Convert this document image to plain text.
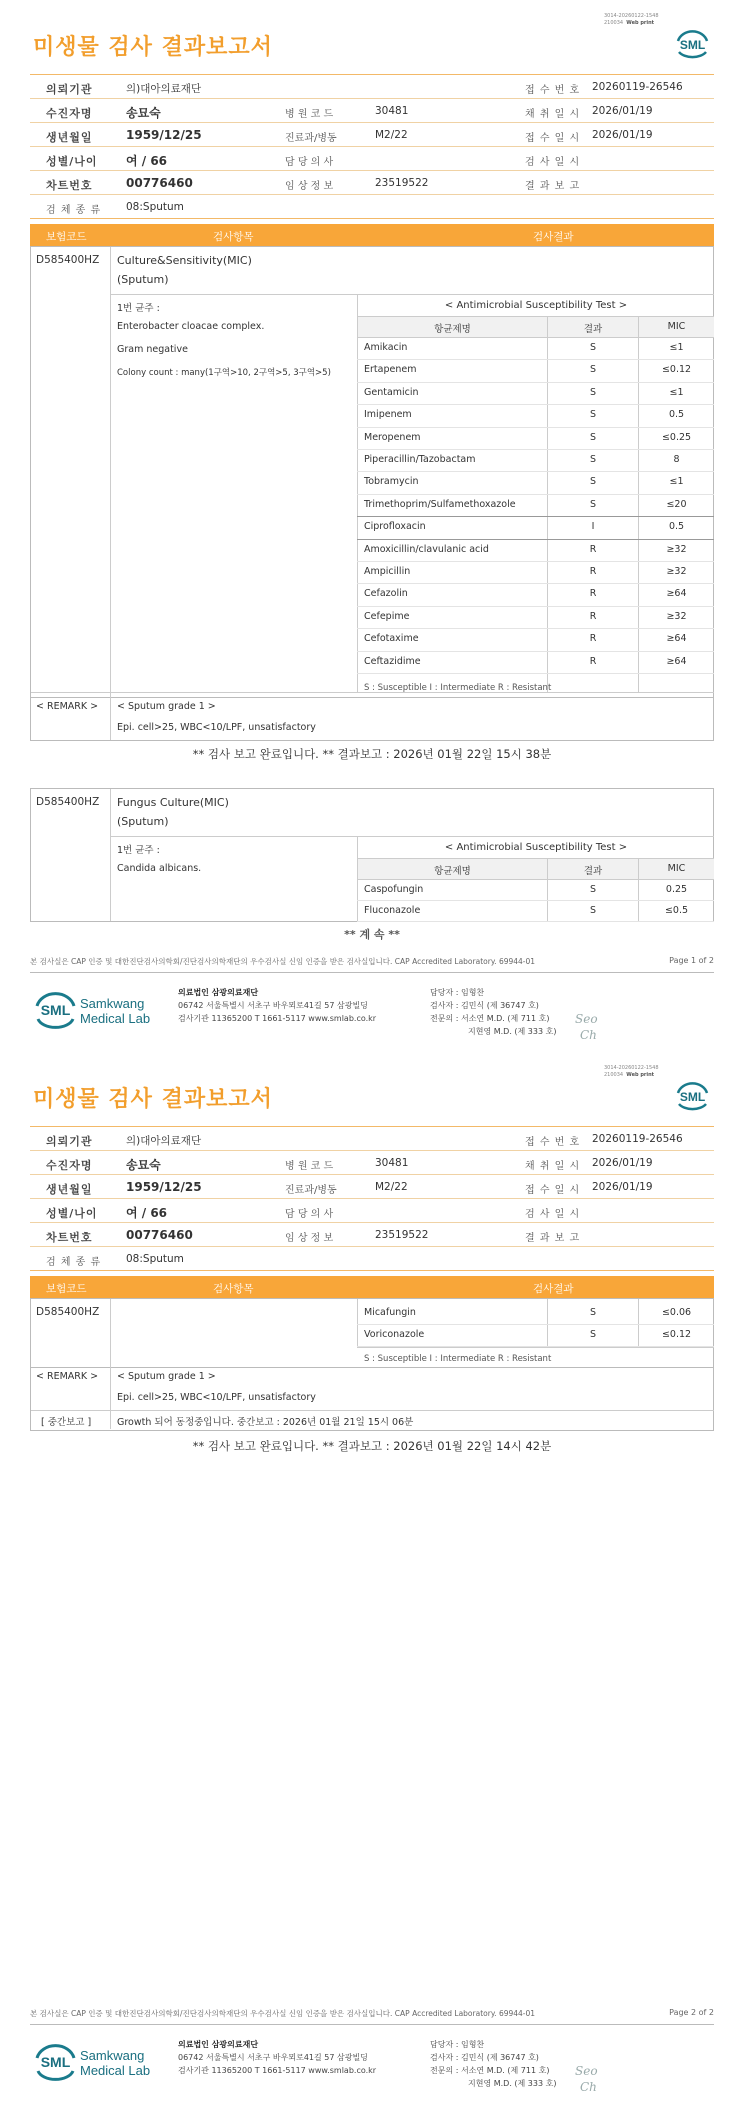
3014-20260122-1548
210034 Web print
미생물 검사 결과보고서	SML
의뢰기관	의)대아의료재단	접 수 번 호 20260119-26546
수진자명	송묘숙	병 원 코 드	30481	채 취 일 시 2026/01/19
생년월일	1959/12/25	진료과/병동	M2/22	접 수 일 시 2026/01/19
성별/나이 여 / 66	담 당 의 사	검 사 일 시
차트번호	00776460	임 상 정 보	23519522	결 과 보 고
검 체 종 류 08:Sputum
보험코드	검사항목	검사결과
D585400HZ Culture&Sensitivity(MIC)
(Sputum)
1번 균주 :
Enterobacter cloacae complex.
Gram negative
Colony count : many(1구역>10, 2구역>5, 3구역>5)
< Antimicrobial Susceptibility Test >
항균제명	결과	MIC
Amikacin	S	≤1
Ertapenem	S	≤0.12
Gentamicin	S	≤1
Imipenem	S	0.5
Meropenem	S	≤0.25
Piperacillin/Tazobactam	S	8
Tobramycin	S	≤1
Trimethoprim/Sulfamethoxazole	S	≤20
Ciprofloxacin	I	0.5
Amoxicillin/clavulanic acid	R	≥32
Ampicillin	R	≥32
Cefazolin	R	≥64
Cefepime	R	≥32
Cefotaxime	R	≥64
Ceftazidime	R	≥64
S : Susceptible I : Intermediate R : Resistant
< REMARK > < Sputum grade 1 >
Epi. cell>25, WBC<10/LPF, unsatisfactory
** 검사 보고 완료입니다. ** 결과보고 : 2026년 01월 22일 15시 38분
D585400HZ Fungus Culture(MIC)
(Sputum)
1번 균주 :
Candida albicans.
< Antimicrobial Susceptibility Test >
항균제명	결과	MIC
Caspofungin	S	0.25
Fluconazole	S	≤0.5
** 계 속 **
본 검사실은 CAP 인증 및 대한진단검사의학회/진단검사의학재단의 우수검사실 신임 인증을 받은 검사실입니다. CAP Accredited Laboratory. 69944-01	Page 1 of 2
SML Samkwang
Medical Lab
의료법인 삼광의료재단
06742 서울특별시 서초구 바우뫼로41길 57 삼광빌딩
검사기관 11365200 T 1661-5117 www.smlab.co.kr
담당자 : 임형찬
검사자 : 김민식 (제 36747 호)
전문의 : 서소연 M.D. (제 711 호)
지현영 M.D. (제 333 호)
Seo
Ch
3014-20260122-1548
210034 Web print
미생물 검사 결과보고서	SML
의뢰기관	의)대아의료재단	접 수 번 호 20260119-26546
수진자명	송묘숙	병 원 코 드	30481	채 취 일 시 2026/01/19
생년월일	1959/12/25	진료과/병동	M2/22	접 수 일 시 2026/01/19
성별/나이 여 / 66	담 당 의 사	검 사 일 시
차트번호	00776460	임 상 정 보	23519522	결 과 보 고
검 체 종 류 08:Sputum
보험코드	검사항목	검사결과
D585400HZ	Micafungin	S	≤0.06
Voriconazole	S	≤0.12
S : Susceptible I : Intermediate R : Resistant
< REMARK > < Sputum grade 1 >
Epi. cell>25, WBC<10/LPF, unsatisfactory
[ 중간보고 ]	Growth 되어 동정중입니다. 중간보고 : 2026년 01월 21일 15시 06분
** 검사 보고 완료입니다. ** 결과보고 : 2026년 01월 22일 14시 42분
본 검사실은 CAP 인증 및 대한진단검사의학회/진단검사의학재단의 우수검사실 신임 인증을 받은 검사실입니다. CAP Accredited Laboratory. 69944-01	Page 2 of 2
SML Samkwang
Medical Lab
의료법인 삼광의료재단
06742 서울특별시 서초구 바우뫼로41길 57 삼광빌딩
검사기관 11365200 T 1661-5117 www.smlab.co.kr
담당자 : 임형찬
검사자 : 김민식 (제 36747 호)
전문의 : 서소연 M.D. (제 711 호)
지현영 M.D. (제 333 호)
Seo
Ch
